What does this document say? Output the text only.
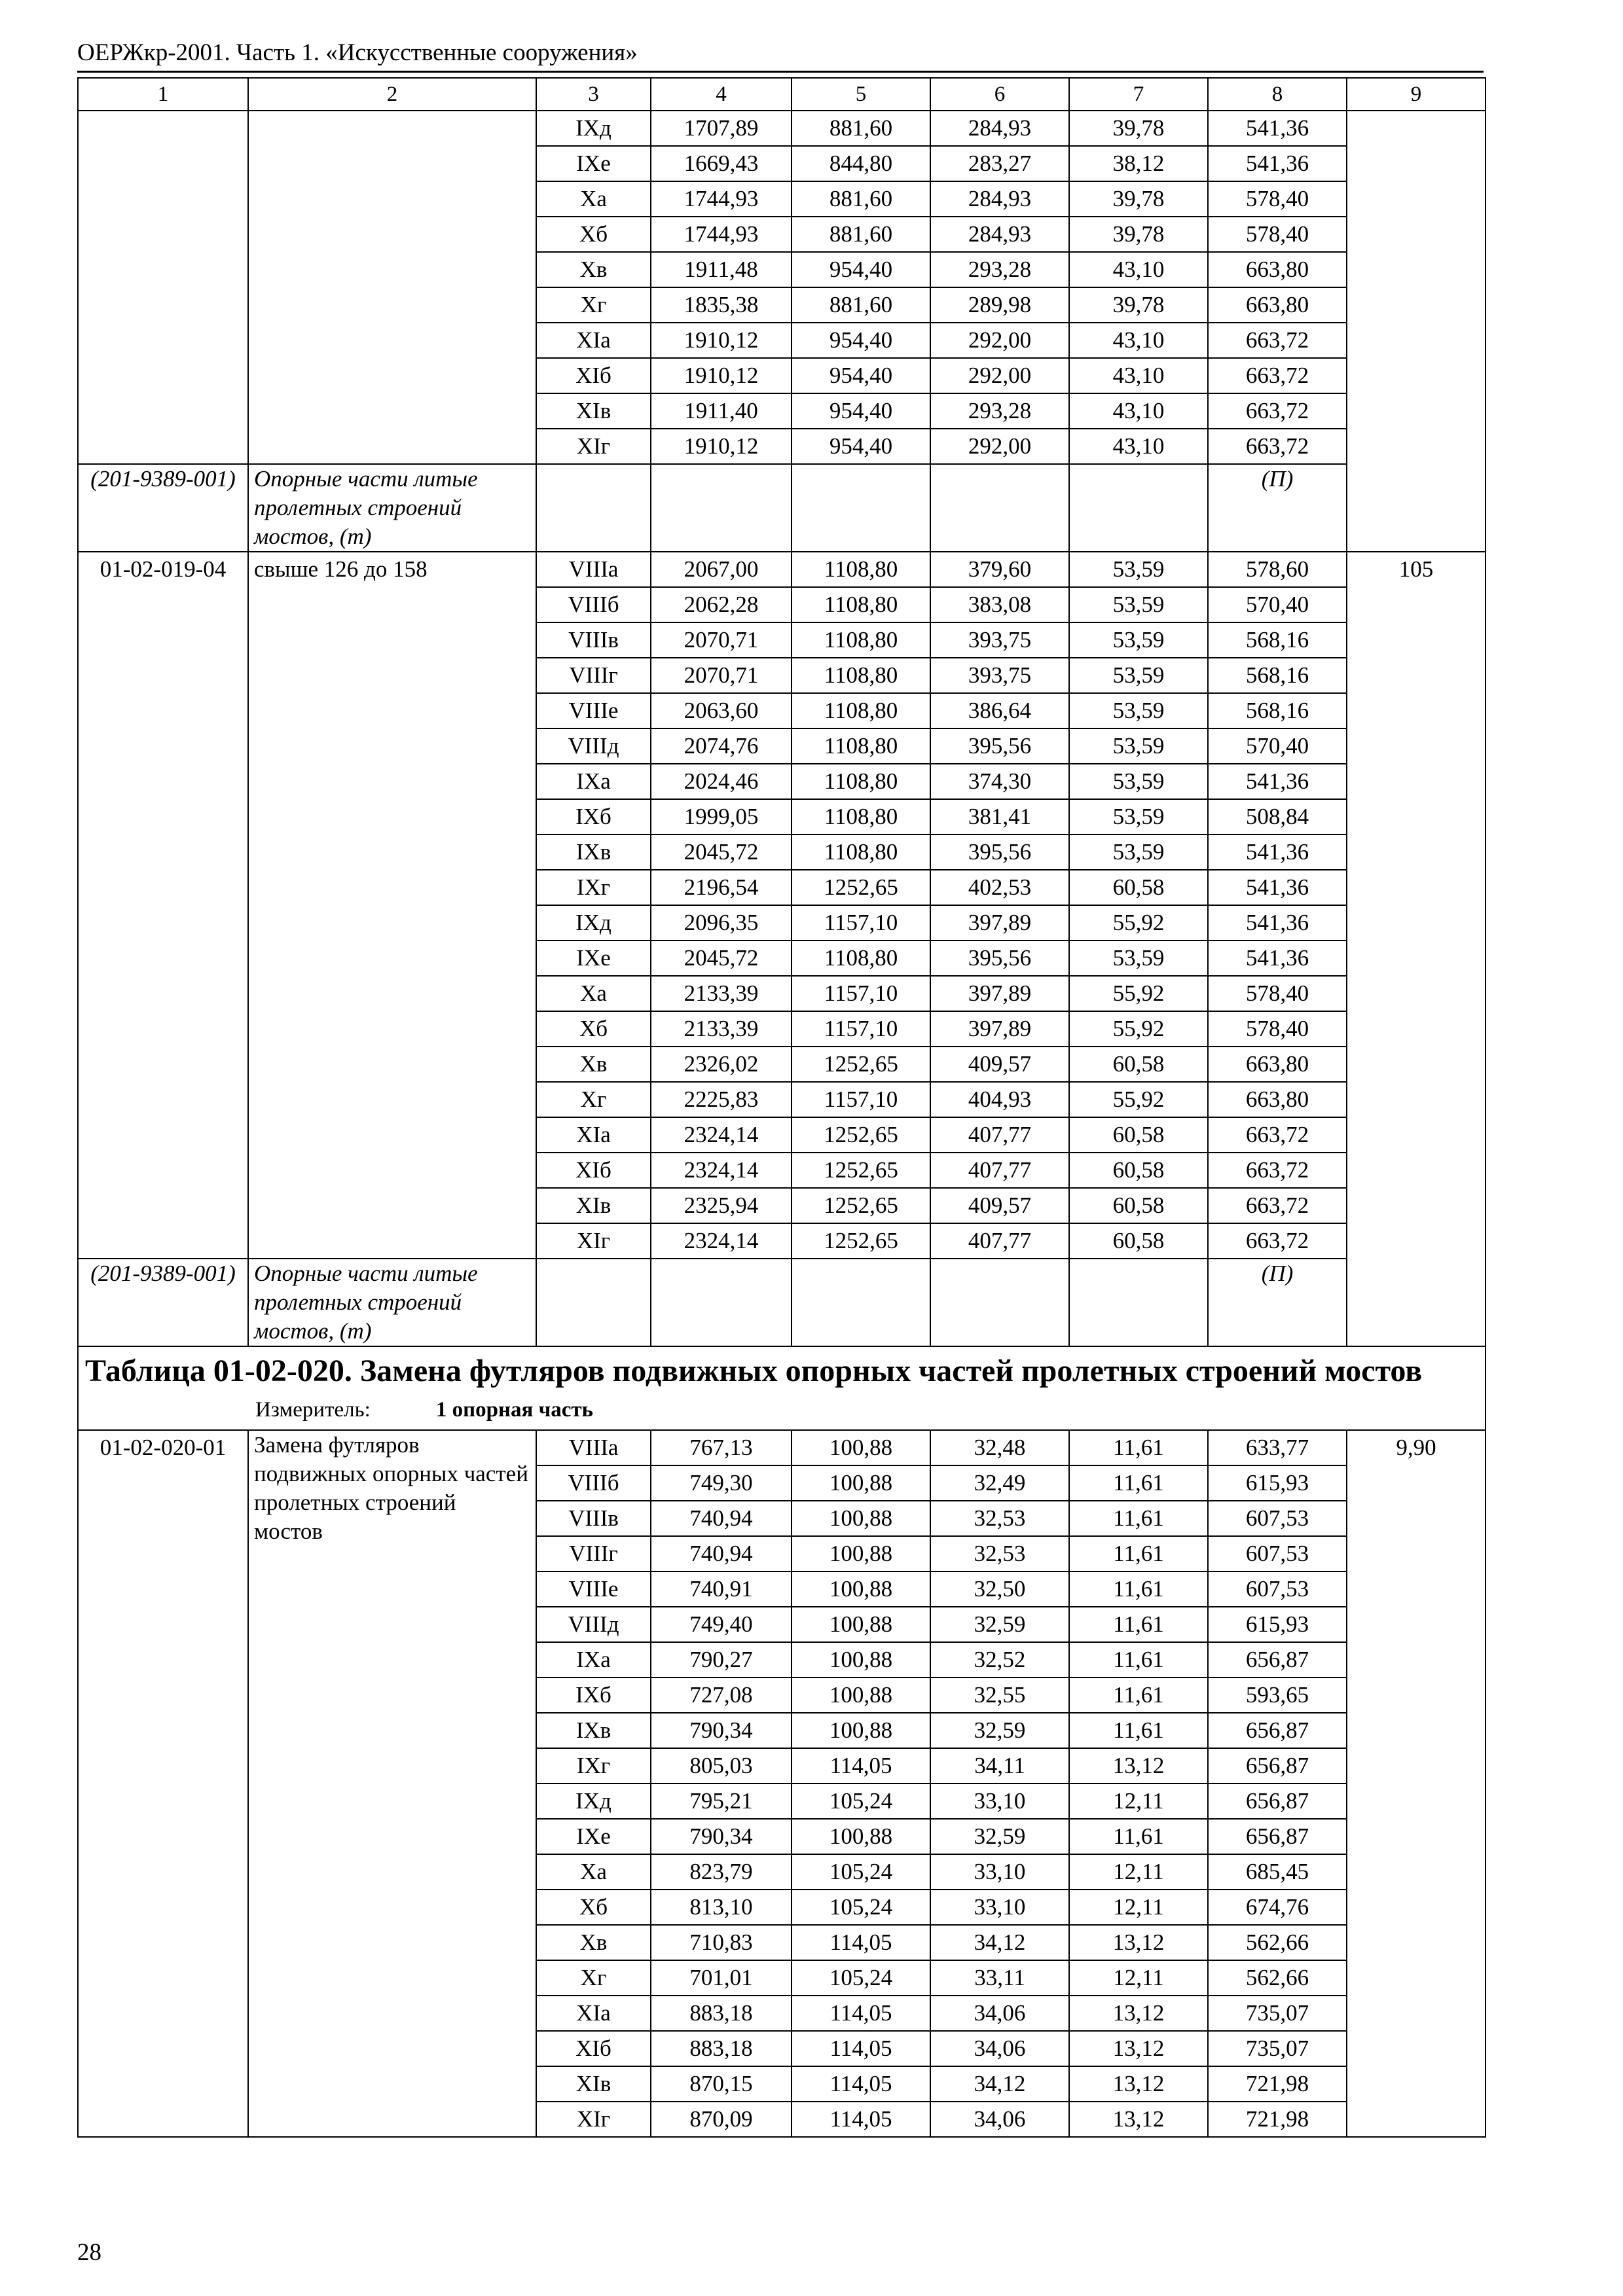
ОЕРЖкр-2001. Часть 1. «Искусственные сооружения»
1	2	3	4	5	6	7	8	9
		IXд	1707,89	881,60	284,93	39,78	541,36	
		IXе	1669,43	844,80	283,27	38,12	541,36	
		Xа	1744,93	881,60	284,93	39,78	578,40	
		Xб	1744,93	881,60	284,93	39,78	578,40	
		Xв	1911,48	954,40	293,28	43,10	663,80	
		Xг	1835,38	881,60	289,98	39,78	663,80	
		XIа	1910,12	954,40	292,00	43,10	663,72	
		XIб	1910,12	954,40	292,00	43,10	663,72	
		XIв	1911,40	954,40	293,28	43,10	663,72	
		XIг	1910,12	954,40	292,00	43,10	663,72	
(201-9389-001)	Опорные части литые пролетных строений мостов, (т)						(П)	
01-02-019-04	свыше 126 до 158	VIIIа	2067,00	1108,80	379,60	53,59	578,60	105
		VIIIб	2062,28	1108,80	383,08	53,59	570,40	
		VIIIв	2070,71	1108,80	393,75	53,59	568,16	
		VIIIг	2070,71	1108,80	393,75	53,59	568,16	
		VIIIе	2063,60	1108,80	386,64	53,59	568,16	
		VIIIд	2074,76	1108,80	395,56	53,59	570,40	
		IXа	2024,46	1108,80	374,30	53,59	541,36	
		IXб	1999,05	1108,80	381,41	53,59	508,84	
		IXв	2045,72	1108,80	395,56	53,59	541,36	
		IXг	2196,54	1252,65	402,53	60,58	541,36	
		IXд	2096,35	1157,10	397,89	55,92	541,36	
		IXе	2045,72	1108,80	395,56	53,59	541,36	
		Xа	2133,39	1157,10	397,89	55,92	578,40	
		Xб	2133,39	1157,10	397,89	55,92	578,40	
		Xв	2326,02	1252,65	409,57	60,58	663,80	
		Xг	2225,83	1157,10	404,93	55,92	663,80	
		XIа	2324,14	1252,65	407,77	60,58	663,72	
		XIб	2324,14	1252,65	407,77	60,58	663,72	
		XIв	2325,94	1252,65	409,57	60,58	663,72	
		XIг	2324,14	1252,65	407,77	60,58	663,72	
(201-9389-001)	Опорные части литые пролетных строений мостов, (т)						(П)	

Таблица 01-02-020. Замена футляров подвижных опорных частей пролетных строений мостов
Измеритель: 1 опорная часть								

01-02-020-01	Замена футляров подвижных опорных частей пролетных строений мостов	VIIIа	767,13	100,88	32,48	11,61	633,77	9,90
		VIIIб	749,30	100,88	32,49	11,61	615,93	
		VIIIв	740,94	100,88	32,53	11,61	607,53	
		VIIIг	740,94	100,88	32,53	11,61	607,53	
		VIIIе	740,91	100,88	32,50	11,61	607,53	
		VIIIд	749,40	100,88	32,59	11,61	615,93	
		IXа	790,27	100,88	32,52	11,61	656,87	
		IXб	727,08	100,88	32,55	11,61	593,65	
		IXв	790,34	100,88	32,59	11,61	656,87	
		IXг	805,03	114,05	34,11	13,12	656,87	
		IXд	795,21	105,24	33,10	12,11	656,87	
		IXе	790,34	100,88	32,59	11,61	656,87	
		Xа	823,79	105,24	33,10	12,11	685,45	
		Xб	813,10	105,24	33,10	12,11	674,76	
		Xв	710,83	114,05	34,12	13,12	562,66	
		Xг	701,01	105,24	33,11	12,11	562,66	
		XIа	883,18	114,05	34,06	13,12	735,07	
		XIб	883,18	114,05	34,06	13,12	735,07	
		XIв	870,15	114,05	34,12	13,12	721,98	
		XIг	870,09	114,05	34,06	13,12	721,98	
28
